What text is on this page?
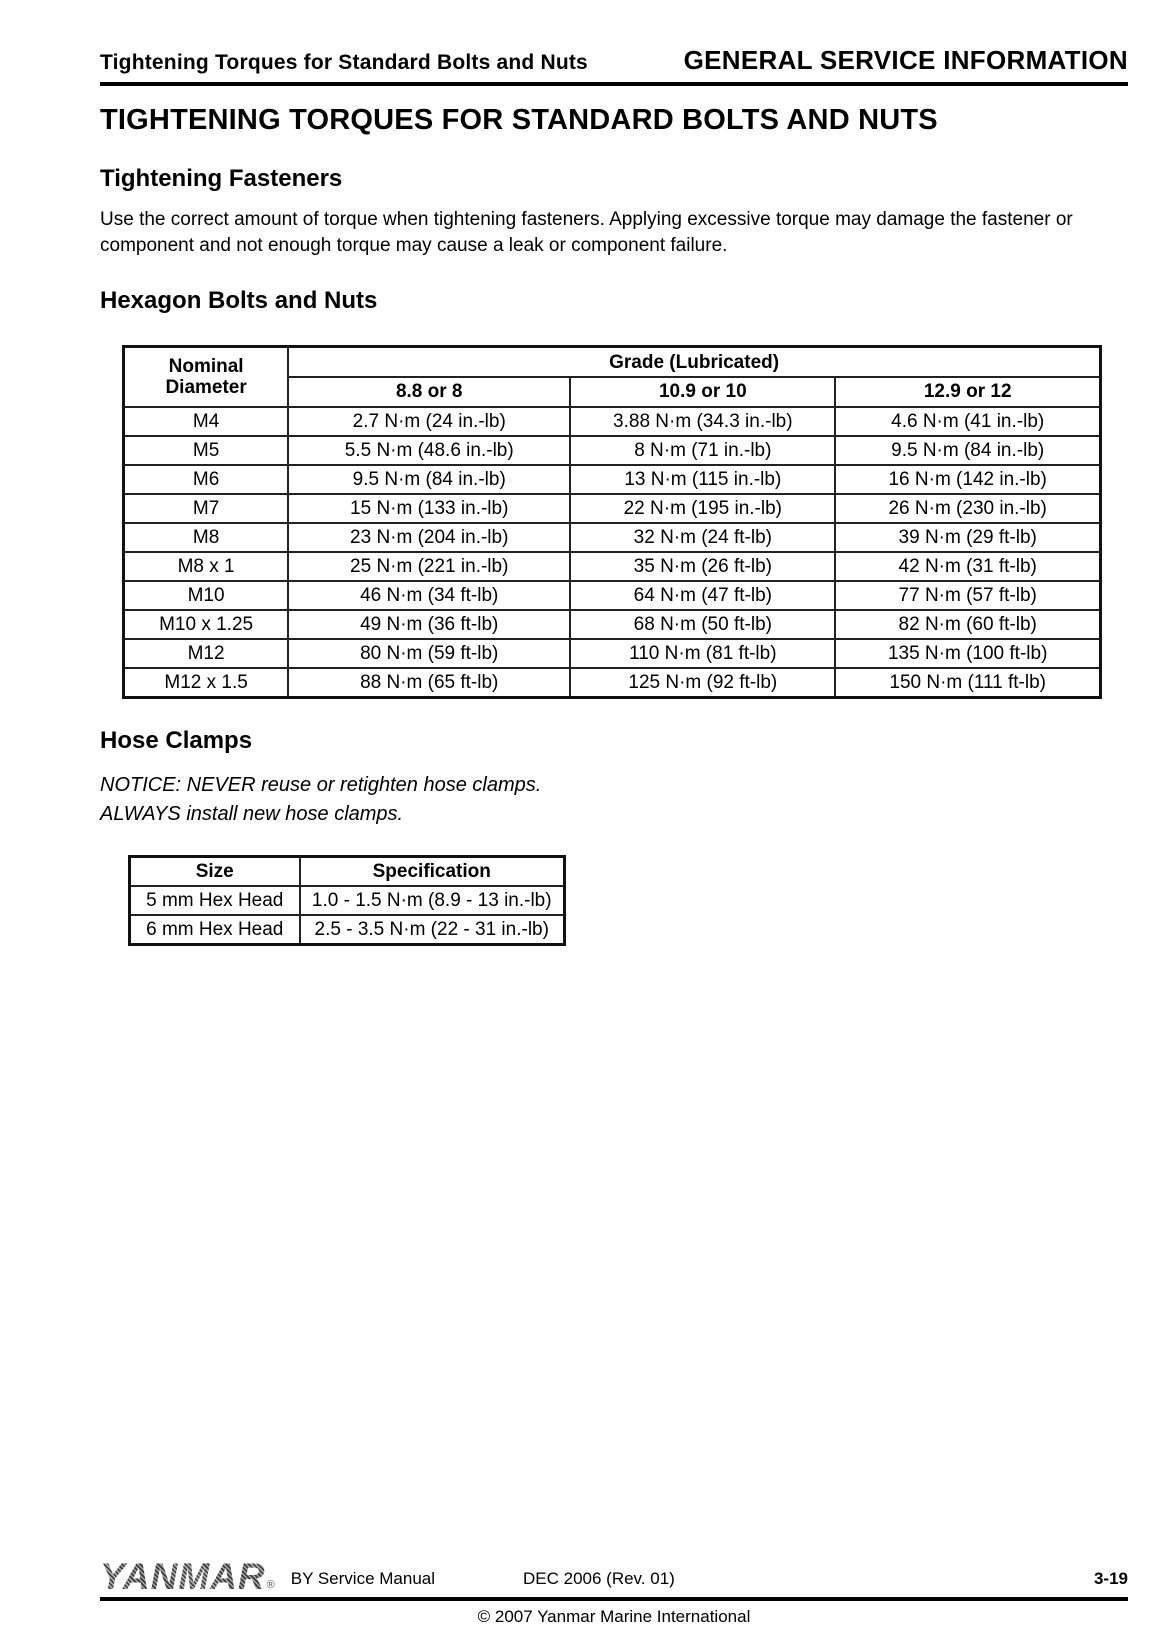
Tightening Torques for Standard Bolts and Nuts	GENERAL SERVICE INFORMATION
TIGHTENING TORQUES FOR STANDARD BOLTS AND NUTS
Tightening Fasteners

Use the correct amount of torque when tightening fasteners. Applying excessive torque may damage the fastener or component and not enough torque may cause a leak or component failure.

Hexagon Bolts and Nuts
Nominal
Diameter	Grade (Lubricated)		
	8.8 or 8	10.9 or 10	12.9 or 12
M4	2.7 N·m (24 in.-lb)	3.88 N·m (34.3 in.-lb)	4.6 N·m (41 in.-lb)
M5	5.5 N·m (48.6 in.-lb)	8 N·m (71 in.-lb)	9.5 N·m (84 in.-lb)
M6	9.5 N·m (84 in.-lb)	13 N·m (115 in.-lb)	16 N·m (142 in.-lb)
M7	15 N·m (133 in.-lb)	22 N·m (195 in.-lb)	26 N·m (230 in.-lb)
M8	23 N·m (204 in.-lb)	32 N·m (24 ft-lb)	39 N·m (29 ft-lb)
M8 x 1	25 N·m (221 in.-lb)	35 N·m (26 ft-lb)	42 N·m (31 ft-lb)
M10	46 N·m (34 ft-lb)	64 N·m (47 ft-lb)	77 N·m (57 ft-lb)
M10 x 1.25	49 N·m (36 ft-lb)	68 N·m (50 ft-lb)	82 N·m (60 ft-lb)
M12	80 N·m (59 ft-lb)	110 N·m (81 ft-lb)	135 N·m (100 ft-lb)
M12 x 1.5	88 N·m (65 ft-lb)	125 N·m (92 ft-lb)	150 N·m (111 ft-lb)
Hose Clamps
NOTICE: NEVER reuse or retighten hose clamps.
ALWAYS install new hose clamps.
Size	Specification
5 mm Hex Head	1.0 - 1.5 N·m (8.9 - 13 in.-lb)
6 mm Hex Head	2.5 - 3.5 N·m (22 - 31 in.-lb)
YANMAR ® BY Service Manual	DEC 2006 (Rev. 01)	3-19
© 2007 Yanmar Marine International
